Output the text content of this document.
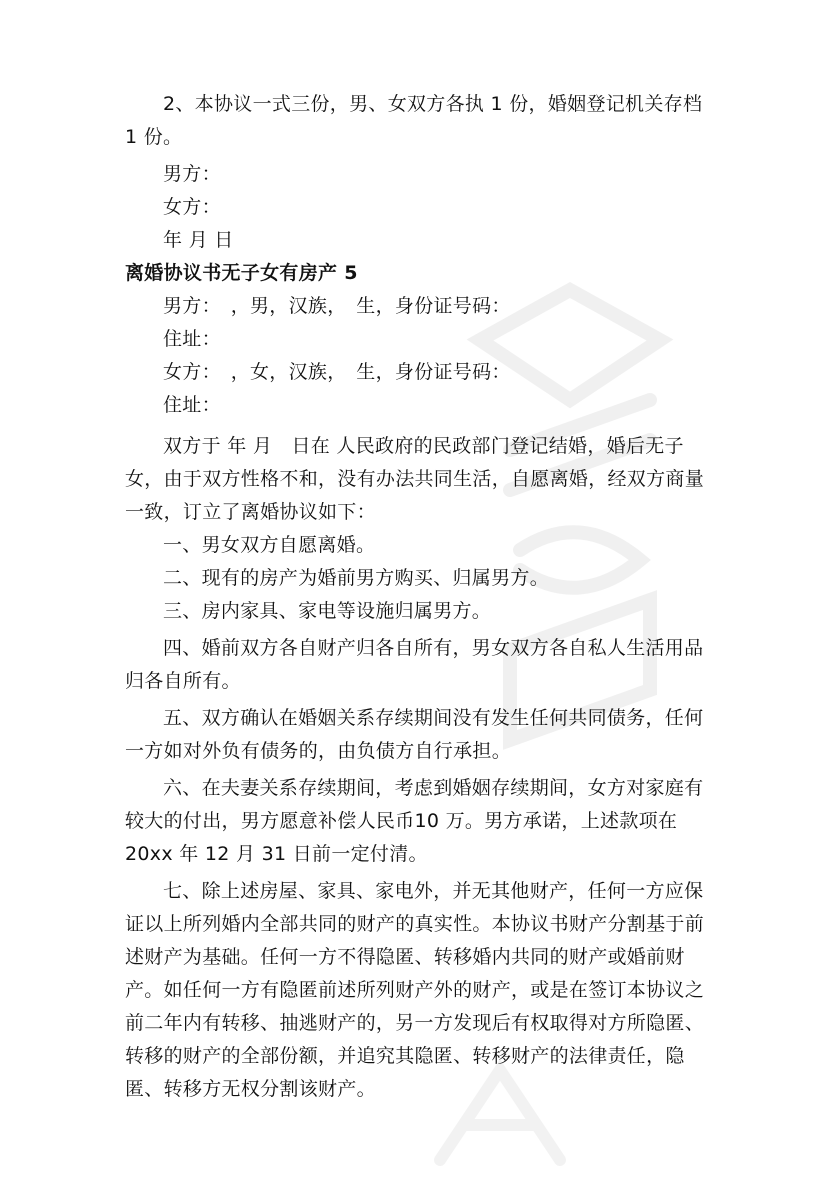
2、本协议一式三份，男、女双方各执 1 份，婚姻登记机关存档 1 份。

男方：

女方：

年 月 日

离婚协议书无子女有房产 5

男方：　，男，汉族，　生，身份证号码：

住址：

女方：　，女，汉族，　生，身份证号码：

住址：

双方于 年 月　日在 人民政府的民政部门登记结婚，婚后无子女，由于双方性格不和，没有办法共同生活，自愿离婚，经双方商量一致，订立了离婚协议如下：

一、男女双方自愿离婚。

二、现有的房产为婚前男方购买、归属男方。

三、房内家具、家电等设施归属男方。

四、婚前双方各自财产归各自所有，男女双方各自私人生活用品归各自所有。

五、双方确认在婚姻关系存续期间没有发生任何共同债务，任何一方如对外负有债务的，由负债方自行承担。

六、在夫妻关系存续期间，考虑到婚姻存续期间，女方对家庭有较大的付出，男方愿意补偿人民币10 万。男方承诺，上述款项在20xx 年 12 月 31 日前一定付清。

七、除上述房屋、家具、家电外，并无其他财产，任何一方应保证以上所列婚内全部共同的财产的真实性。本协议书财产分割基于前述财产为基础。任何一方不得隐匿、转移婚内共同的财产或婚前财产。如任何一方有隐匿前述所列财产外的财产，或是在签订本协议之前二年内有转移、抽逃财产的，另一方发现后有权取得对方所隐匿、转移的财产的全部份额，并追究其隐匿、转移财产的法律责任，隐匿、转移方无权分割该财产。
